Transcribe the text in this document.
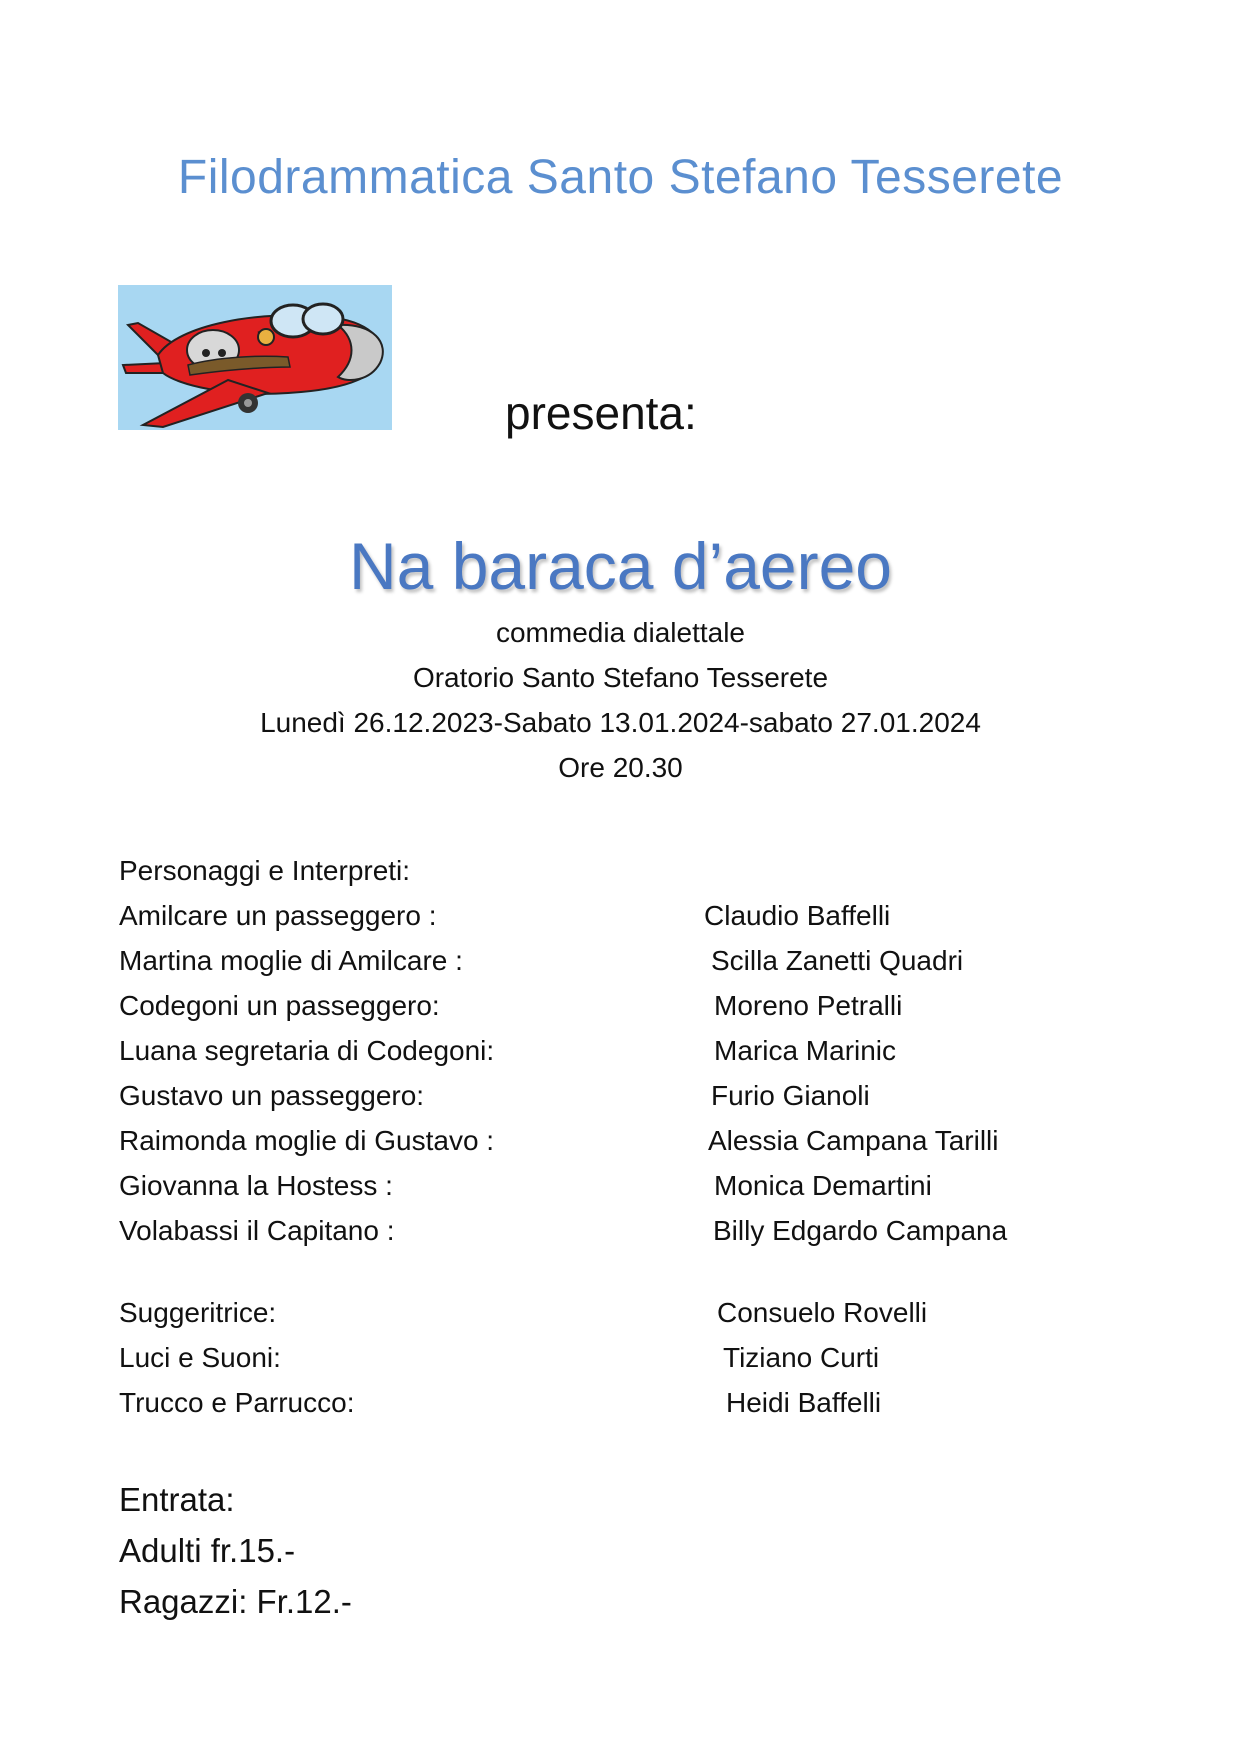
Filodrammatica Santo Stefano Tesserete
presenta:
Na baraca d’aereo
commedia dialettale
Oratorio Santo Stefano Tesserete
Lunedì 26.12.2023-Sabato 13.01.2024-sabato 27.01.2024
Ore 20.30
Personaggi e Interpreti:
Amilcare un passeggero :	Claudio Baffelli
Martina moglie di Amilcare :	Scilla Zanetti Quadri
Codegoni un passeggero:	Moreno Petralli
Luana segretaria di Codegoni:	Marica Marinic
Gustavo un passeggero:	Furio Gianoli
Raimonda moglie di Gustavo :	Alessia Campana Tarilli
Giovanna la Hostess :	Monica Demartini
Volabassi il Capitano :	Billy Edgardo Campana
Suggeritrice:	Consuelo Rovelli
Luci e Suoni:	Tiziano Curti
Trucco e Parrucco:	Heidi Baffelli
Entrata:
Adulti fr.15.-
Ragazzi: Fr.12.-
